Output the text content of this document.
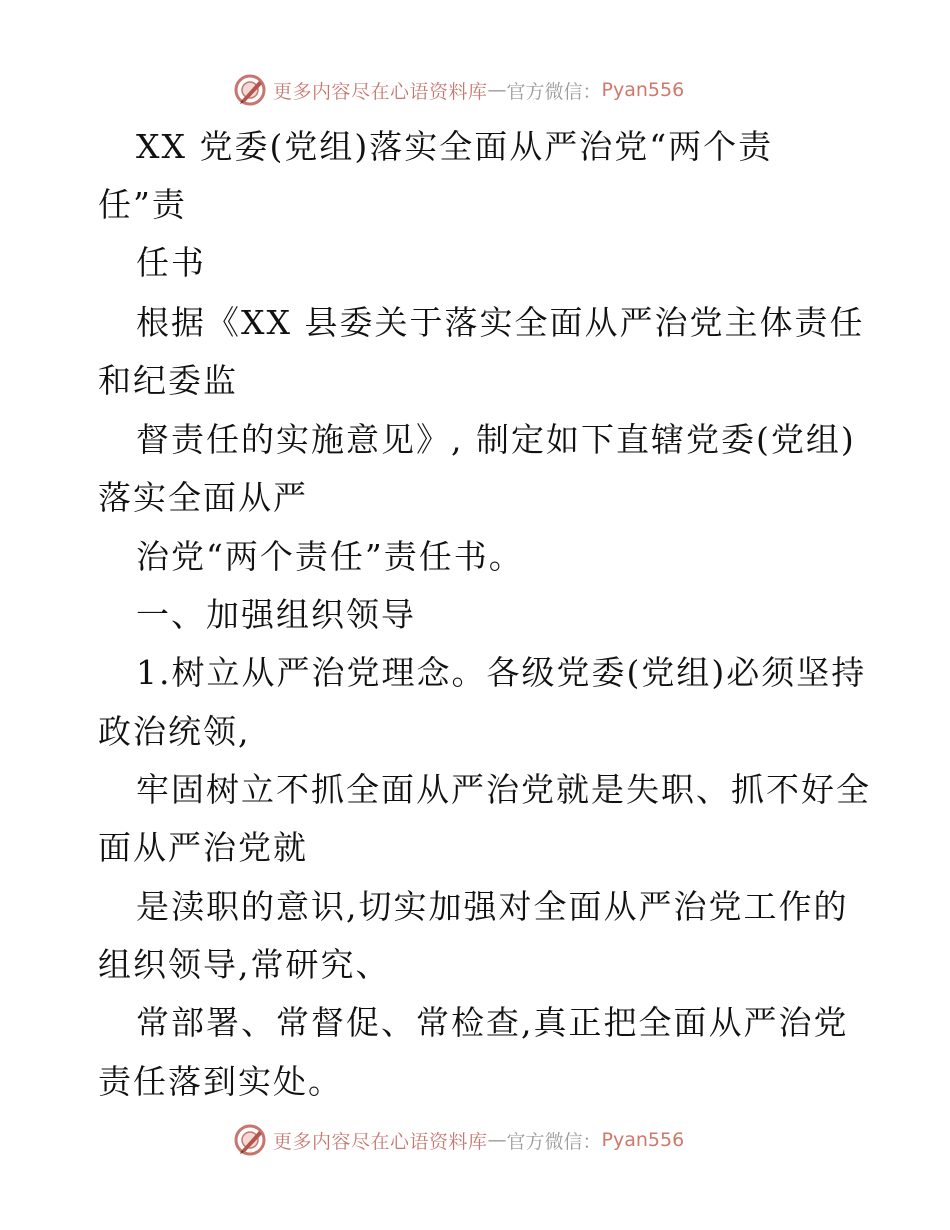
更多内容尽在心语资料库 — 官方微信： Pyan556
XX 党委(党组)落实全面从严治党“两个责
任”责
任书
根据《XX 县委关于落实全面从严治党主体责任
和纪委监
督责任的实施意见》, 制定如下直辖党委(党组)
落实全面从严
治党“两个责任”责任书。
一、加强组织领导
1.树立从严治党理念。各级党委(党组)必须坚持
政治统领,
牢固树立不抓全面从严治党就是失职、抓不好全
面从严治党就
是渎职的意识,切实加强对全面从严治党工作的
组织领导,常研究、
常部署、常督促、常检查,真正把全面从严治党
责任落到实处。
更多内容尽在心语资料库 — 官方微信： Pyan556
